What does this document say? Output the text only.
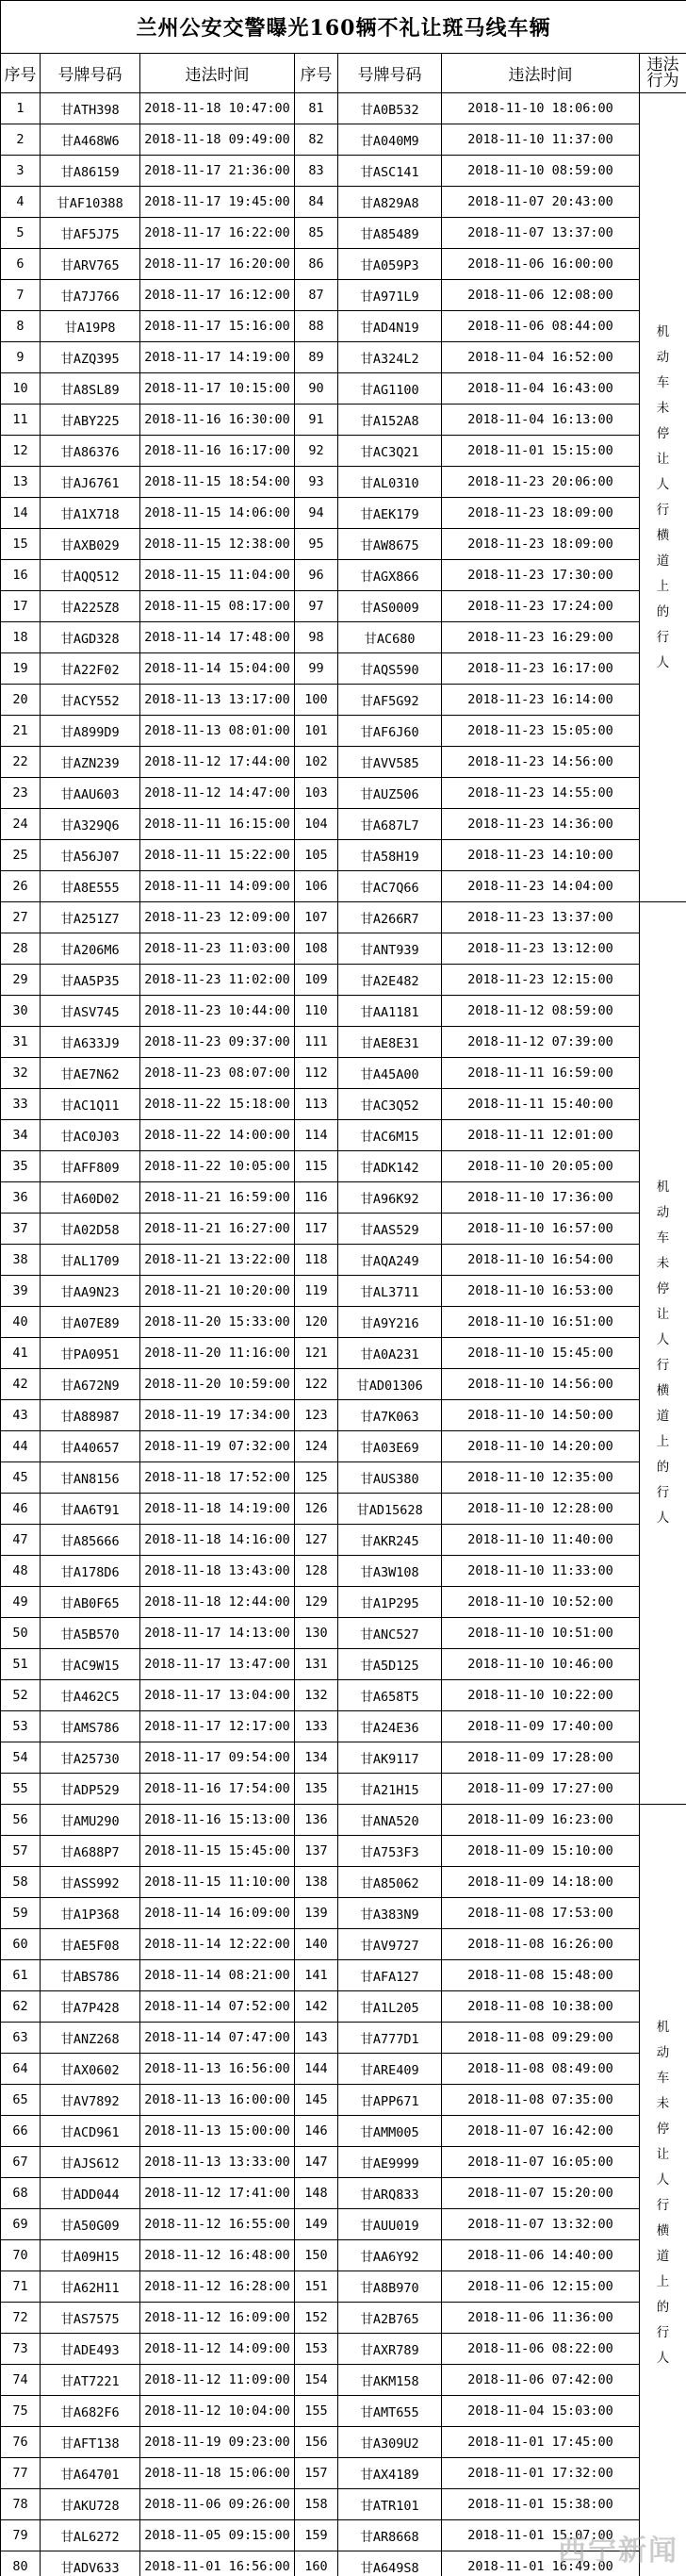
兰州公安交警曝光160辆不礼让斑马线车辆						
序号	号牌号码	违法时间	序号	号牌号码	违法时间	违法行为
1	甘ATH398	2018-11-18 10:47:00	81	甘A0B532	2018-11-10 18:06:00	机动车未停让人行横道上的行人
2	甘A468W6	2018-11-18 09:49:00	82	甘A040M9	2018-11-10 11:37:00	
3	甘A86159	2018-11-17 21:36:00	83	甘ASC141	2018-11-10 08:59:00	
4	甘AF10388	2018-11-17 19:45:00	84	甘A829A8	2018-11-07 20:43:00	
5	甘AF5J75	2018-11-17 16:22:00	85	甘A85489	2018-11-07 13:37:00	
6	甘ARV765	2018-11-17 16:20:00	86	甘A059P3	2018-11-06 16:00:00	
7	甘A7J766	2018-11-17 16:12:00	87	甘A971L9	2018-11-06 12:08:00	
8	甘A19P8	2018-11-17 15:16:00	88	甘AD4N19	2018-11-06 08:44:00	
9	甘AZQ395	2018-11-17 14:19:00	89	甘A324L2	2018-11-04 16:52:00	
10	甘A8SL89	2018-11-17 10:15:00	90	甘AG1100	2018-11-04 16:43:00	
11	甘ABY225	2018-11-16 16:30:00	91	甘A152A8	2018-11-04 16:13:00	
12	甘A86376	2018-11-16 16:17:00	92	甘AC3Q21	2018-11-01 15:15:00	
13	甘AJ6761	2018-11-15 18:54:00	93	甘AL0310	2018-11-23 20:06:00	
14	甘A1X718	2018-11-15 14:06:00	94	甘AEK179	2018-11-23 18:09:00	
15	甘AXB029	2018-11-15 12:38:00	95	甘AW8675	2018-11-23 18:09:00	
16	甘AQQ512	2018-11-15 11:04:00	96	甘AGX866	2018-11-23 17:30:00	
17	甘A225Z8	2018-11-15 08:17:00	97	甘AS0009	2018-11-23 17:24:00	
18	甘AGD328	2018-11-14 17:48:00	98	甘AC680	2018-11-23 16:29:00	
19	甘A22F02	2018-11-14 15:04:00	99	甘AQS590	2018-11-23 16:17:00	
20	甘ACY552	2018-11-13 13:17:00	100	甘AF5G92	2018-11-23 16:14:00	
21	甘A899D9	2018-11-13 08:01:00	101	甘AF6J60	2018-11-23 15:05:00	
22	甘AZN239	2018-11-12 17:44:00	102	甘AVV585	2018-11-23 14:56:00	
23	甘AAU603	2018-11-12 14:47:00	103	甘AUZ506	2018-11-23 14:55:00	
24	甘A329Q6	2018-11-11 16:15:00	104	甘A687L7	2018-11-23 14:36:00	
25	甘A56J07	2018-11-11 15:22:00	105	甘A58H19	2018-11-23 14:10:00	
26	甘A8E555	2018-11-11 14:09:00	106	甘AC7Q66	2018-11-23 14:04:00	
27	甘A251Z7	2018-11-23 12:09:00	107	甘A266R7	2018-11-23 13:37:00	机动车未停让人行横道上的行人
28	甘A206M6	2018-11-23 11:03:00	108	甘ANT939	2018-11-23 13:12:00	
29	甘AA5P35	2018-11-23 11:02:00	109	甘A2E482	2018-11-23 12:15:00	
30	甘ASV745	2018-11-23 10:44:00	110	甘AA1181	2018-11-12 08:59:00	
31	甘A633J9	2018-11-23 09:37:00	111	甘AE8E31	2018-11-12 07:39:00	
32	甘AE7N62	2018-11-23 08:07:00	112	甘A45A00	2018-11-11 16:59:00	
33	甘AC1Q11	2018-11-22 15:18:00	113	甘AC3Q52	2018-11-11 15:40:00	
34	甘AC0J03	2018-11-22 14:00:00	114	甘AC6M15	2018-11-11 12:01:00	
35	甘AFF809	2018-11-22 10:05:00	115	甘ADK142	2018-11-10 20:05:00	
36	甘A60D02	2018-11-21 16:59:00	116	甘A96K92	2018-11-10 17:36:00	
37	甘A02D58	2018-11-21 16:27:00	117	甘AAS529	2018-11-10 16:57:00	
38	甘AL1709	2018-11-21 13:22:00	118	甘AQA249	2018-11-10 16:54:00	
39	甘AA9N23	2018-11-21 10:20:00	119	甘AL3711	2018-11-10 16:53:00	
40	甘A07E89	2018-11-20 15:33:00	120	甘A9Y216	2018-11-10 16:51:00	
41	甘PA0951	2018-11-20 11:16:00	121	甘A0A231	2018-11-10 15:45:00	
42	甘A672N9	2018-11-20 10:59:00	122	甘AD01306	2018-11-10 14:56:00	
43	甘A88987	2018-11-19 17:34:00	123	甘A7K063	2018-11-10 14:50:00	
44	甘A40657	2018-11-19 07:32:00	124	甘A03E69	2018-11-10 14:20:00	
45	甘AN8156	2018-11-18 17:52:00	125	甘AUS380	2018-11-10 12:35:00	
46	甘AA6T91	2018-11-18 14:19:00	126	甘AD15628	2018-11-10 12:28:00	
47	甘A85666	2018-11-18 14:16:00	127	甘AKR245	2018-11-10 11:40:00	
48	甘A178D6	2018-11-18 13:43:00	128	甘A3W108	2018-11-10 11:33:00	
49	甘AB0F65	2018-11-18 12:44:00	129	甘A1P295	2018-11-10 10:52:00	
50	甘A5B570	2018-11-17 14:13:00	130	甘ANC527	2018-11-10 10:51:00	
51	甘AC9W15	2018-11-17 13:47:00	131	甘A5D125	2018-11-10 10:46:00	
52	甘A462C5	2018-11-17 13:04:00	132	甘A658T5	2018-11-10 10:22:00	
53	甘AMS786	2018-11-17 12:17:00	133	甘A24E36	2018-11-09 17:40:00	
54	甘A25730	2018-11-17 09:54:00	134	甘AK9117	2018-11-09 17:28:00	
55	甘ADP529	2018-11-16 17:54:00	135	甘A21H15	2018-11-09 17:27:00	
56	甘AMU290	2018-11-16 15:13:00	136	甘ANA520	2018-11-09 16:23:00	机动车未停让人行横道上的行人
57	甘A688P7	2018-11-15 15:45:00	137	甘A753F3	2018-11-09 15:10:00	
58	甘ASS992	2018-11-15 11:10:00	138	甘A85062	2018-11-09 14:18:00	
59	甘A1P368	2018-11-14 16:09:00	139	甘A383N9	2018-11-08 17:53:00	
60	甘AE5F08	2018-11-14 12:22:00	140	甘AV9727	2018-11-08 16:26:00	
61	甘ABS786	2018-11-14 08:21:00	141	甘AFA127	2018-11-08 15:48:00	
62	甘A7P428	2018-11-14 07:52:00	142	甘A1L205	2018-11-08 10:38:00	
63	甘ANZ268	2018-11-14 07:47:00	143	甘A777D1	2018-11-08 09:29:00	
64	甘AX0602	2018-11-13 16:56:00	144	甘ARE409	2018-11-08 08:49:00	
65	甘AV7892	2018-11-13 16:00:00	145	甘APP671	2018-11-08 07:35:00	
66	甘ACD961	2018-11-13 15:00:00	146	甘AMM005	2018-11-07 16:42:00	
67	甘AJS612	2018-11-13 13:33:00	147	甘AE9999	2018-11-07 16:05:00	
68	甘ADD044	2018-11-12 17:41:00	148	甘ARQ833	2018-11-07 15:20:00	
69	甘A50G09	2018-11-12 16:55:00	149	甘AUU019	2018-11-07 13:32:00	
70	甘A09H15	2018-11-12 16:48:00	150	甘AA6Y92	2018-11-06 14:40:00	
71	甘A62H11	2018-11-12 16:28:00	151	甘A8B970	2018-11-06 12:15:00	
72	甘AS7575	2018-11-12 16:09:00	152	甘A2B765	2018-11-06 11:36:00	
73	甘ADE493	2018-11-12 14:09:00	153	甘AXR789	2018-11-06 08:22:00	
74	甘AT7221	2018-11-12 11:09:00	154	甘AKM158	2018-11-06 07:42:00	
75	甘A682F6	2018-11-12 10:04:00	155	甘AMT655	2018-11-04 15:03:00	
76	甘AFT138	2018-11-19 09:23:00	156	甘A309U2	2018-11-01 17:45:00	
77	甘A64701	2018-11-18 15:06:00	157	甘AX4189	2018-11-01 17:32:00	
78	甘AKU728	2018-11-06 09:26:00	158	甘ATR101	2018-11-01 15:38:00	
79	甘AL6272	2018-11-05 09:15:00	159	甘AR8668	2018-11-01 15:07:00	
80	甘ADV633	2018-11-01 16:56:00	160	甘A649S8	2018-11-01 16:49:00	
西宁新闻
